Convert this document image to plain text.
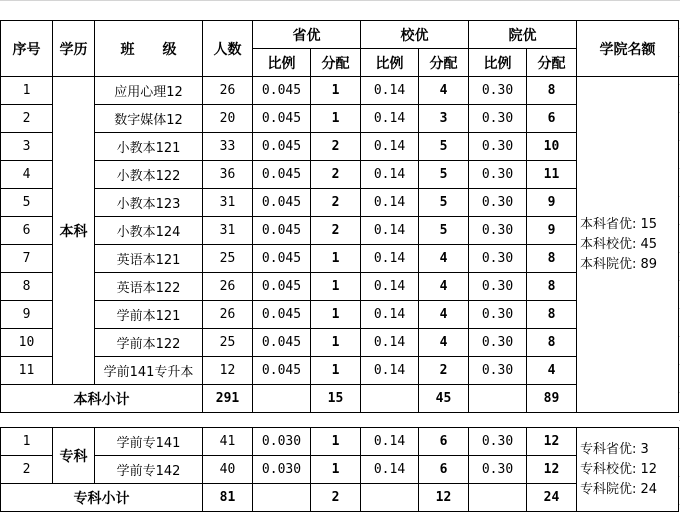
序号	学历	班　　级	人数	省优		校优		院优		学院名额
				比例	分配	比例	分配	比例	分配	
1	本科	应用心理12	26	0.045	1	0.14	4	0.30	8	本科省优: 15
本科校优: 45
本科院优: 89

2		数字媒体12	20	0.045	1	0.14	3	0.30	6	
3		小教本121	33	0.045	2	0.14	5	0.30	10	
4		小教本122	36	0.045	2	0.14	5	0.30	11	
5		小教本123	31	0.045	2	0.14	5	0.30	9	
6		小教本124	31	0.045	2	0.14	5	0.30	9	
7		英语本121	25	0.045	1	0.14	4	0.30	8	
8		英语本122	26	0.045	1	0.14	4	0.30	8	
9		学前本121	26	0.045	1	0.14	4	0.30	8	
10		学前本122	25	0.045	1	0.14	4	0.30	8	
11		学前141专升本	12	0.045	1	0.14	2	0.30	4	
本科小计			291		15		45		89	

1	专科	学前专141	41	0.030	1	0.14	6	0.30	12	专科省优: 3
专科校优: 12
专科院优: 24

2		学前专142	40	0.030	1	0.14	6	0.30	12	
专科小计			81		2		12		24	
